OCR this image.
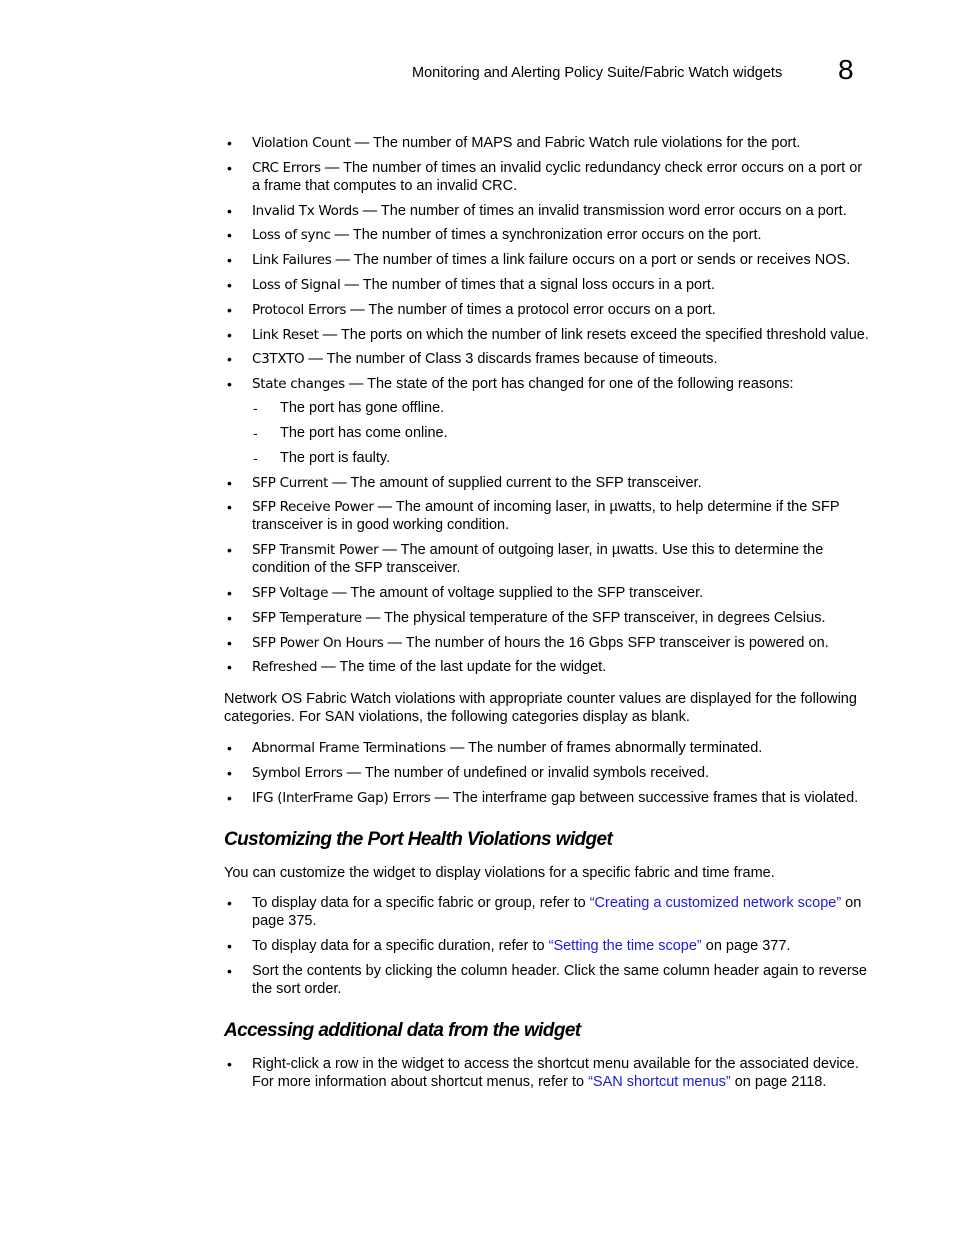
Monitoring and Alerting Policy Suite/Fabric Watch widgets 8
• Violation Count — The number of MAPS and Fabric Watch rule violations for the port.
• CRC Errors — The number of times an invalid cyclic redundancy check error occurs on a port or a frame that computes to an invalid CRC.
• Invalid Tx Words — The number of times an invalid transmission word error occurs on a port.
• Loss of sync — The number of times a synchronization error occurs on the port.
• Link Failures — The number of times a link failure occurs on a port or sends or receives NOS.
• Loss of Signal — The number of times that a signal loss occurs in a port.
• Protocol Errors — The number of times a protocol error occurs on a port.
• Link Reset — The ports on which the number of link resets exceed the specified threshold value.
• C3TXTO — The number of Class 3 discards frames because of timeouts.
• State changes — The state of the port has changed for one of the following reasons:
- The port has gone offline.
- The port has come online.
- The port is faulty.
• SFP Current — The amount of supplied current to the SFP transceiver.
• SFP Receive Power — The amount of incoming laser, in µwatts, to help determine if the SFP transceiver is in good working condition.
• SFP Transmit Power — The amount of outgoing laser, in µwatts. Use this to determine the condition of the SFP transceiver.
• SFP Voltage — The amount of voltage supplied to the SFP transceiver.
• SFP Temperature — The physical temperature of the SFP transceiver, in degrees Celsius.
• SFP Power On Hours — The number of hours the 16 Gbps SFP transceiver is powered on.
• Refreshed — The time of the last update for the widget.

Network OS Fabric Watch violations with appropriate counter values are displayed for the following categories. For SAN violations, the following categories display as blank.

• Abnormal Frame Terminations — The number of frames abnormally terminated.
• Symbol Errors — The number of undefined or invalid symbols received.
• IFG (InterFrame Gap) Errors — The interframe gap between successive frames that is violated.
Customizing the Port Health Violations widget

You can customize the widget to display violations for a specific fabric and time frame.

• To display data for a specific fabric or group, refer to “Creating a customized network scope” on page 375.
• To display data for a specific duration, refer to “Setting the time scope” on page 377.
• Sort the contents by clicking the column header. Click the same column header again to reverse the sort order.
Accessing additional data from the widget
• Right-click a row in the widget to access the shortcut menu available for the associated device. For more information about shortcut menus, refer to “SAN shortcut menus” on page 2118.
